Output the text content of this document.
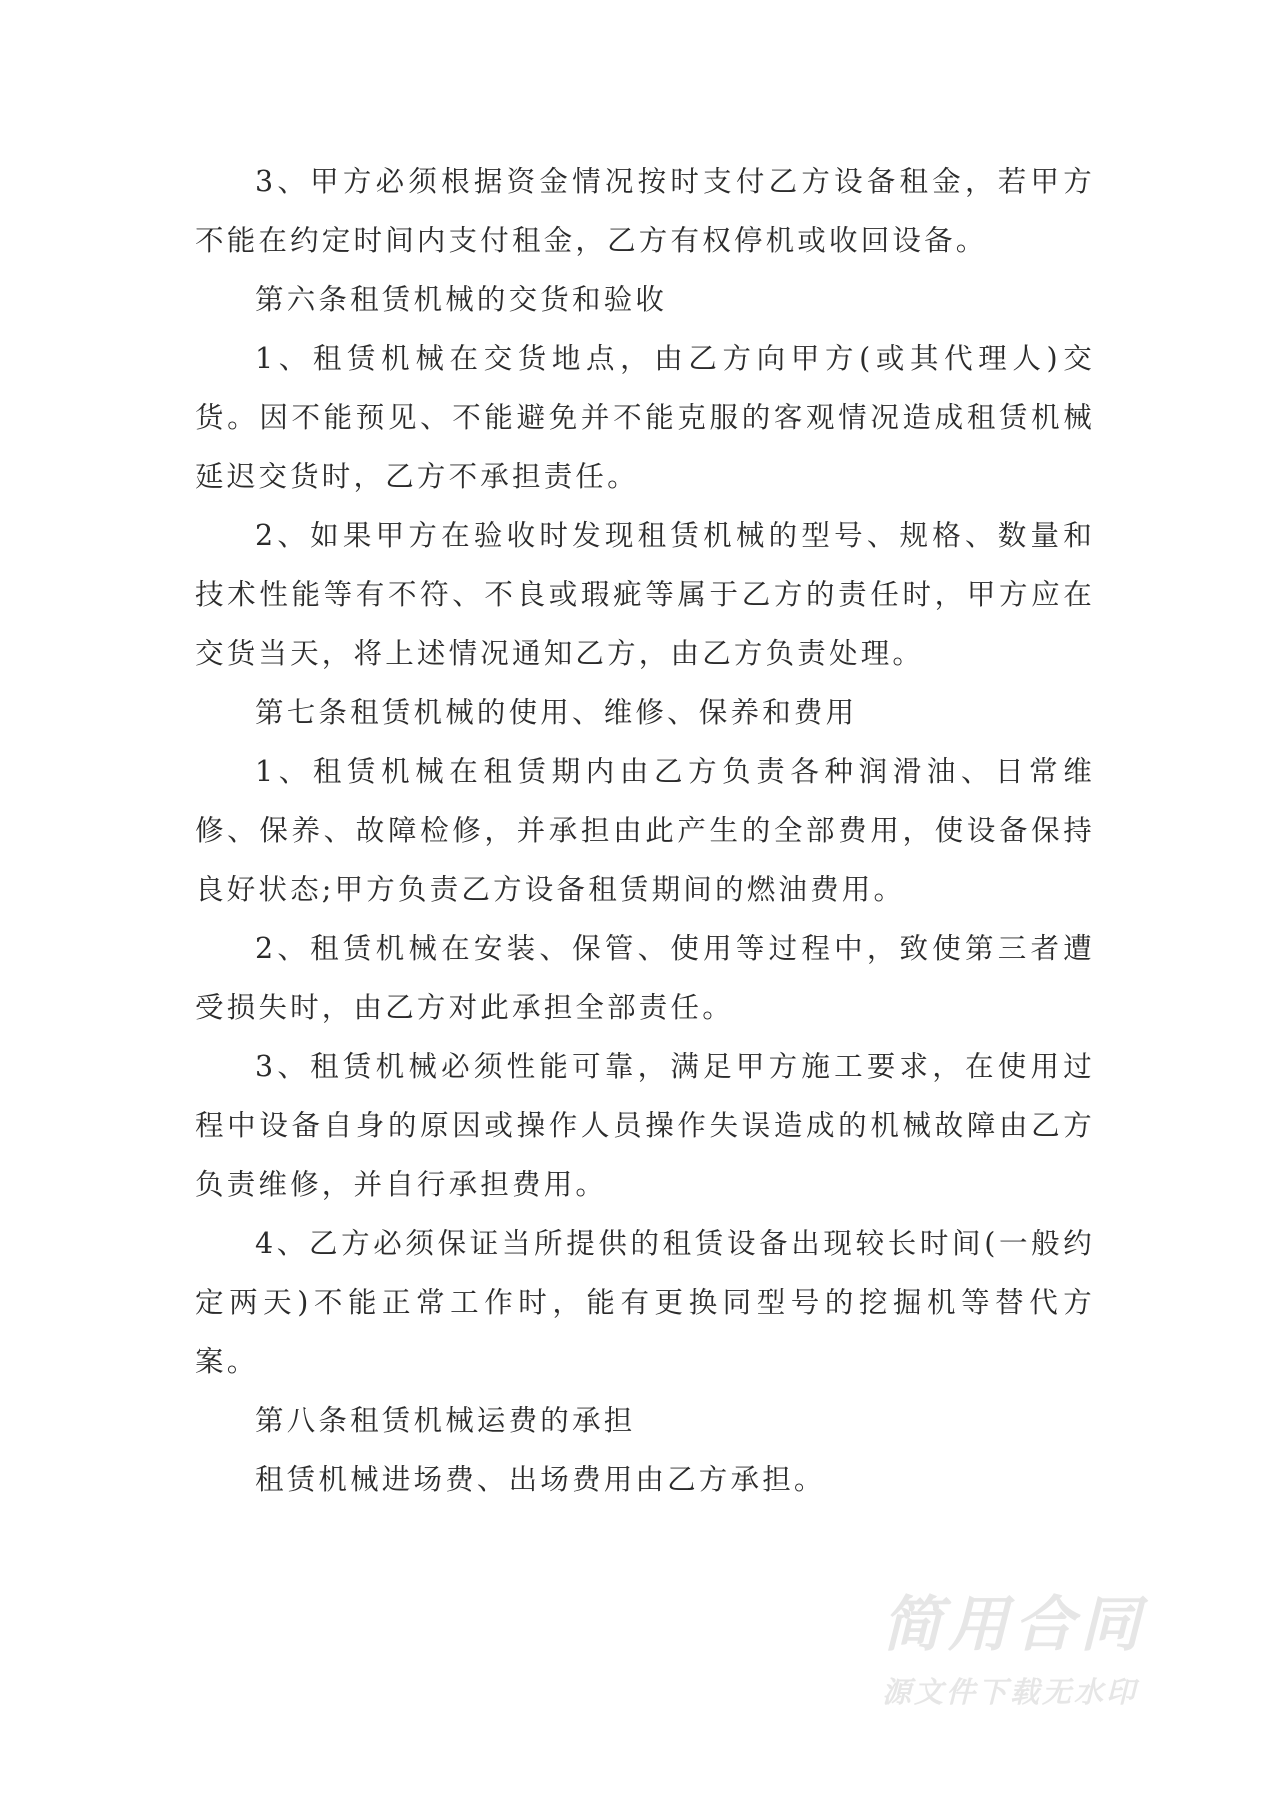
3、甲方必须根据资金情况按时支付乙方设备租金，若甲方不能在约定时间内支付租金，乙方有权停机或收回设备。

第六条租赁机械的交货和验收

1、租赁机械在交货地点，由乙方向甲方(或其代理人)交货。因不能预见、不能避免并不能克服的客观情况造成租赁机械延迟交货时，乙方不承担责任。

2、如果甲方在验收时发现租赁机械的型号、规格、数量和技术性能等有不符、不良或瑕疵等属于乙方的责任时，甲方应在交货当天，将上述情况通知乙方，由乙方负责处理。

第七条租赁机械的使用、维修、保养和费用

1、租赁机械在租赁期内由乙方负责各种润滑油、日常维修、保养、故障检修，并承担由此产生的全部费用，使设备保持良好状态;甲方负责乙方设备租赁期间的燃油费用。

2、租赁机械在安装、保管、使用等过程中，致使第三者遭受损失时，由乙方对此承担全部责任。

3、租赁机械必须性能可靠，满足甲方施工要求，在使用过程中设备自身的原因或操作人员操作失误造成的机械故障由乙方负责维修，并自行承担费用。

4、乙方必须保证当所提供的租赁设备出现较长时间(一般约定两天)不能正常工作时，能有更换同型号的挖掘机等替代方案。

第八条租赁机械运费的承担

租赁机械进场费、出场费用由乙方承担。

简用合同
源文件下载无水印
